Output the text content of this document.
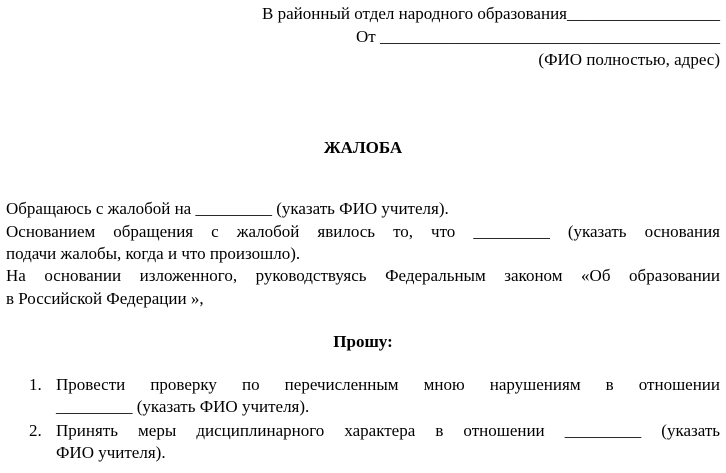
В районный отдел народного образования__________________
От ________________________________________
(ФИО полностью, адрес)
ЖАЛОБА
Обращаюсь с жалобой на _________ (указать ФИО учителя).
Основанием обращения с жалобой явилось то, что _________ (указать основания
подачи жалобы, когда и что произошло).
На основании изложенного, руководствуясь Федеральным законом «Об образовании
в Российской Федерации »,
Прошу:
1. Провести проверку по перечисленным мною нарушениям в отношении
_________ (указать ФИО учителя).
2. Принять меры дисциплинарного характера в отношении _________ (указать
ФИО учителя).
